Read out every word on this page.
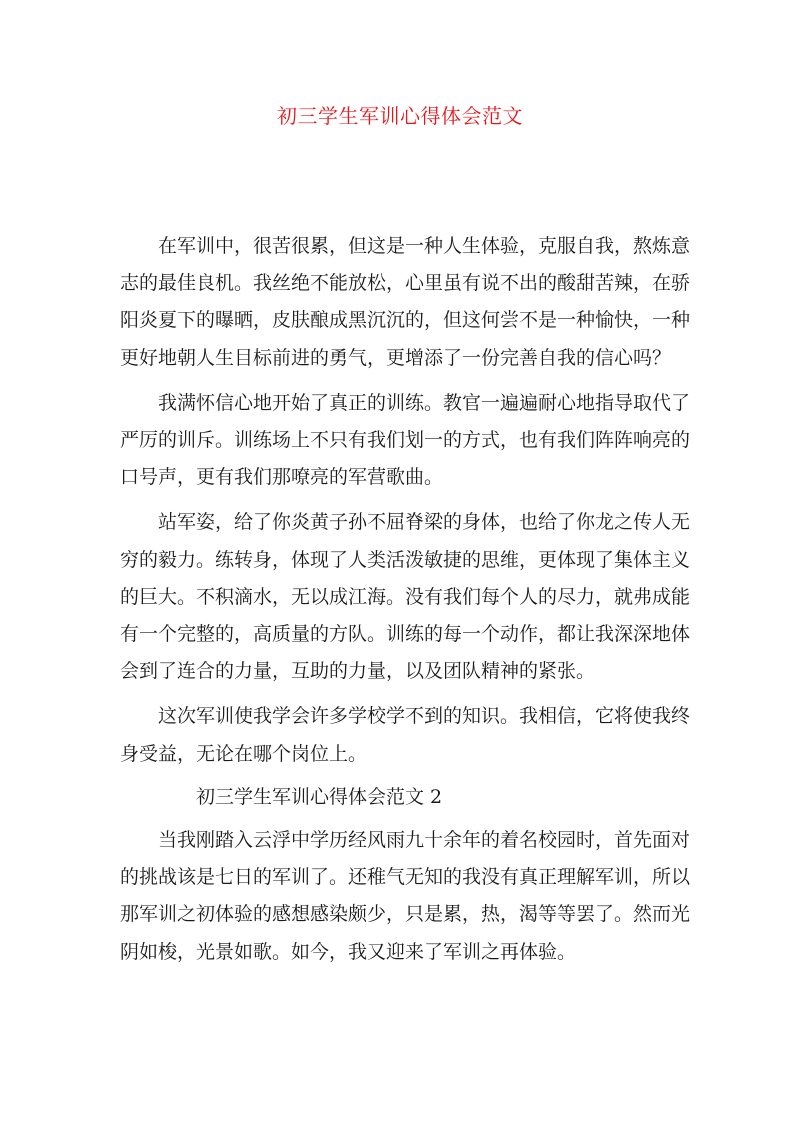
初三学生军训心得体会范文

在军训中，很苦很累，但这是一种人生体验，克服自我，熬炼意志的最佳良机。我丝绝不能放松，心里虽有说不出的酸甜苦辣，在骄阳炎夏下的曝晒，皮肤酿成黑沉沉的，但这何尝不是一种愉快，一种更好地朝人生目标前进的勇气，更增添了一份完善自我的信心吗？

我满怀信心地开始了真正的训练。教官一遍遍耐心地指导取代了严厉的训斥。训练场上不只有我们划一的方式，也有我们阵阵响亮的口号声，更有我们那嘹亮的军营歌曲。

站军姿，给了你炎黄子孙不屈脊梁的身体，也给了你龙之传人无穷的毅力。练转身，体现了人类活泼敏捷的思维，更体现了集体主义的巨大。不积滴水，无以成江海。没有我们每个人的尽力，就弗成能有一个完整的，高质量的方队。训练的每一个动作，都让我深深地体会到了连合的力量，互助的力量，以及团队精神的紧张。

这次军训使我学会许多学校学不到的知识。我相信，它将使我终身受益，无论在哪个岗位上。

初三学生军训心得体会范文 2

当我刚踏入云浮中学历经风雨九十余年的着名校园时，首先面对的挑战该是七日的军训了。还稚气无知的我没有真正理解军训，所以那军训之初体验的感想感染颇少，只是累，热，渴等等罢了。然而光阴如梭，光景如歌。如今，我又迎来了军训之再体验。
